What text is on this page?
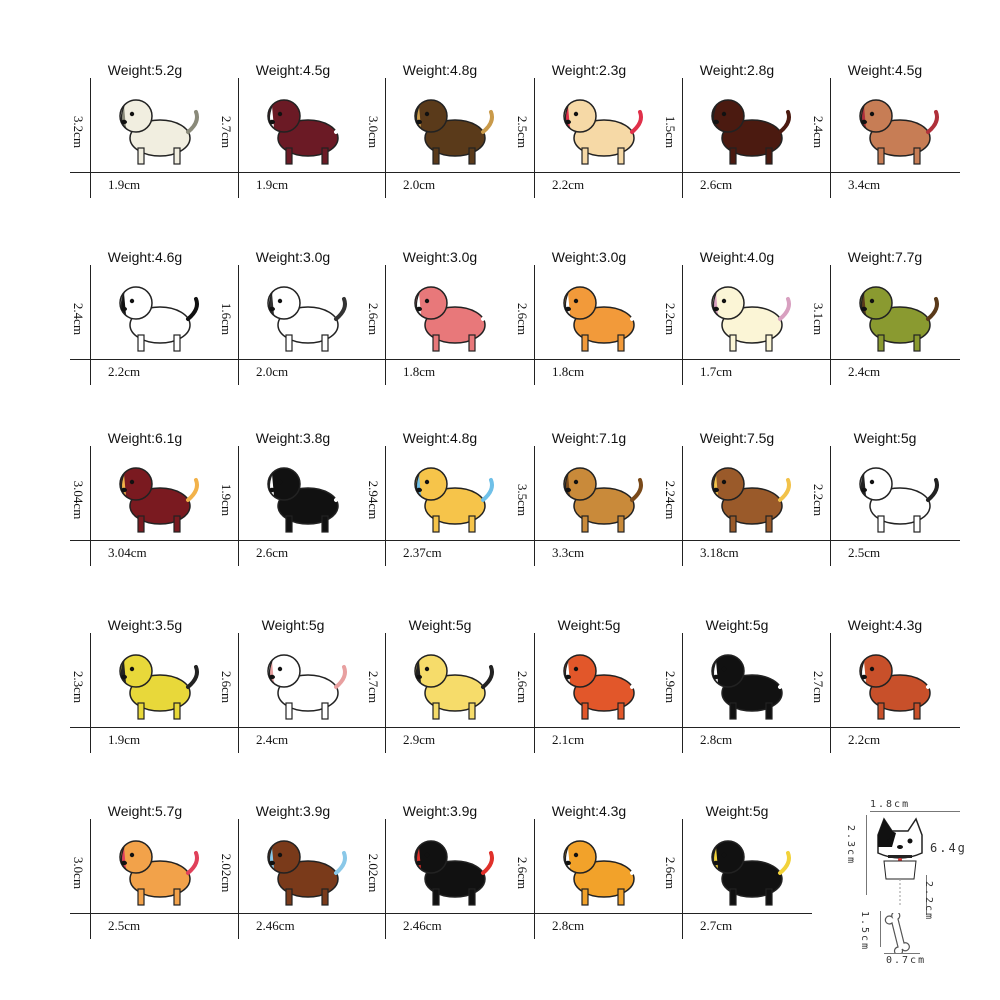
Weight:5.2g
3.2cm
1.9cm
Weight:4.5g
2.7cm
1.9cm
Weight:4.8g
3.0cm
2.0cm
Weight:2.3g
2.5cm
2.2cm
Weight:2.8g
1.5cm
2.6cm
Weight:4.5g
2.4cm
3.4cm
Weight:4.6g
2.4cm
2.2cm
Weight:3.0g
1.6cm
2.0cm
Weight:3.0g
2.6cm
1.8cm
Weight:3.0g
2.6cm
1.8cm
Weight:4.0g
2.2cm
1.7cm
Weight:7.7g
3.1cm
2.4cm
Weight:6.1g
3.04cm
3.04cm
Weight:3.8g
1.9cm
2.6cm
Weight:4.8g
2.94cm
2.37cm
Weight:7.1g
3.5cm
3.3cm
Weight:7.5g
2.24cm
3.18cm
Weight:5g
2.2cm
2.5cm
Weight:3.5g
2.3cm
1.9cm
Weight:5g
2.6cm
2.4cm
Weight:5g
2.7cm
2.9cm
Weight:5g
2.6cm
2.1cm
Weight:5g
2.9cm
2.8cm
Weight:4.3g
2.7cm
2.2cm
Weight:5.7g
3.0cm
2.5cm
Weight:3.9g
2.02cm
2.46cm
Weight:3.9g
2.02cm
2.46cm
Weight:4.3g
2.6cm
2.8cm
Weight:5g
2.6cm
2.7cm
1.8cm
2.3cm	6.4g
2.2cm
1.5cm
0.7cm
